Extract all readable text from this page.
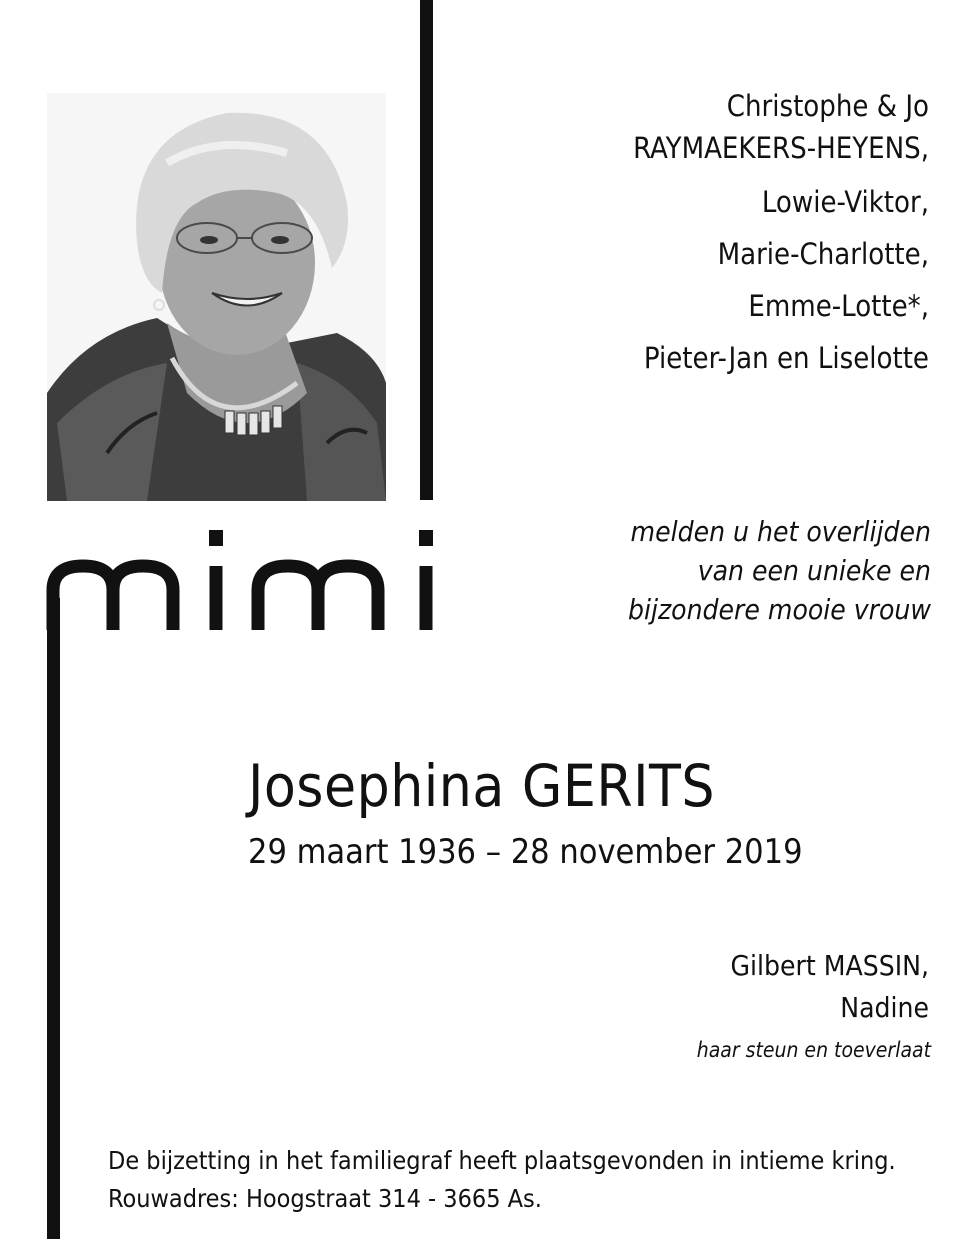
Christophe & Jo
RAYMAEKERS-HEYENS,
Lowie-Viktor,
Marie-Charlotte,
Emme-Lotte*,
Pieter-Jan en Liselotte
melden u het overlijden
van een unieke en
bijzondere mooie vrouw
Josephina GERITS
29 maart 1936 – 28 november 2019
Gilbert MASSIN,
Nadine
haar steun en toeverlaat
De bijzetting in het familiegraf heeft plaatsgevonden in intieme kring.
Rouwadres: Hoogstraat 314 - 3665 As.
